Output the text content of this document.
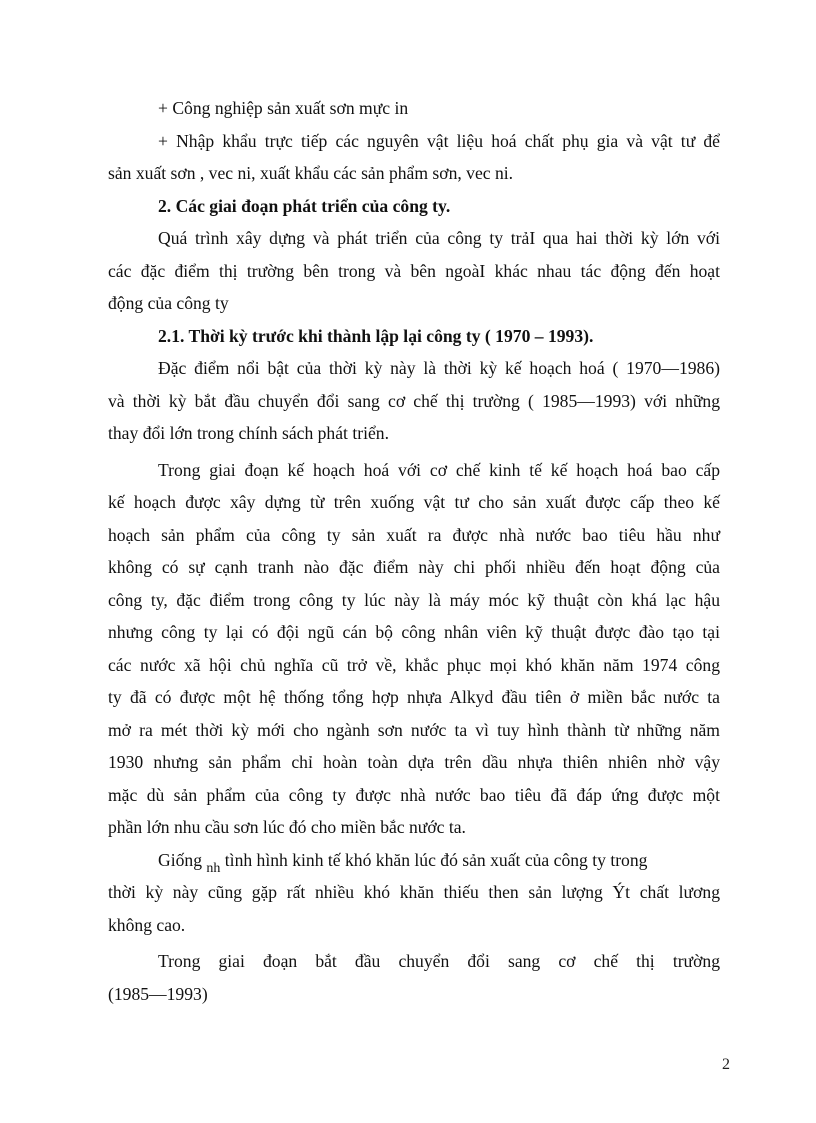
+ Công nghiệp sản xuất sơn mực in
+ Nhập khẩu trực tiếp các nguyên vật liệu hoá chất phụ gia và vật tư để
sản xuất sơn , vec ni, xuất khẩu các sản phẩm sơn, vec ni.
2. Các giai đoạn phát triển của công ty.
Quá trình xây dựng và phát triển của công ty trảI qua hai thời kỳ lớn với
các đặc điểm thị trường bên trong và bên ngoàI khác nhau tác động đến hoạt
động của công ty
2.1. Thời kỳ trước khi thành lập lại công ty ( 1970 – 1993).
Đặc điểm nổi bật của thời kỳ này là thời kỳ kế hoạch hoá ( 1970—1986)
và thời kỳ bắt đầu chuyển đổi sang cơ chế thị trường ( 1985—1993) với những
thay đổi lớn trong chính sách phát triển.
Trong giai đoạn kế hoạch hoá với cơ chế kinh tế kế hoạch hoá bao cấp
kế hoạch được xây dựng từ trên xuống vật tư cho sản xuất được cấp theo kế
hoạch sản phẩm của công ty sản xuất ra được nhà nước bao tiêu hầu như
không có sự cạnh tranh nào đặc điểm này chi phối nhiều đến hoạt động của
công ty, đặc điểm trong công ty lúc này là máy móc kỹ thuật còn khá lạc hậu
nhưng công ty lại có đội ngũ cán bộ công nhân viên kỹ thuật được đào tạo tại
các nước xã hội chủ nghĩa cũ trở về, khắc phục mọi khó khăn năm 1974 công
ty đã có được một hệ thống tổng hợp nhựa Alkyd đầu tiên ở miền bắc nước ta
mở ra mét thời kỳ mới cho ngành sơn nước ta vì tuy hình thành từ những năm
1930 nhưng sản phẩm chỉ hoàn toàn dựa trên dầu nhựa thiên nhiên nhờ vậy
mặc dù sản phẩm của công ty được nhà nước bao tiêu đã đáp ứng được một
phần lớn nhu cầu sơn lúc đó cho miền bắc nước ta.
Giống $_{nh}$ tình hình kinh tế khó khăn lúc đó sản xuất của công ty trong
thời kỳ này cũng gặp rất nhiều khó khăn thiếu then sản lượng Ýt chất lương
không cao.
Trong giai đoạn bắt đầu chuyển đổi sang cơ chế thị trường
(1985—1993)
2
